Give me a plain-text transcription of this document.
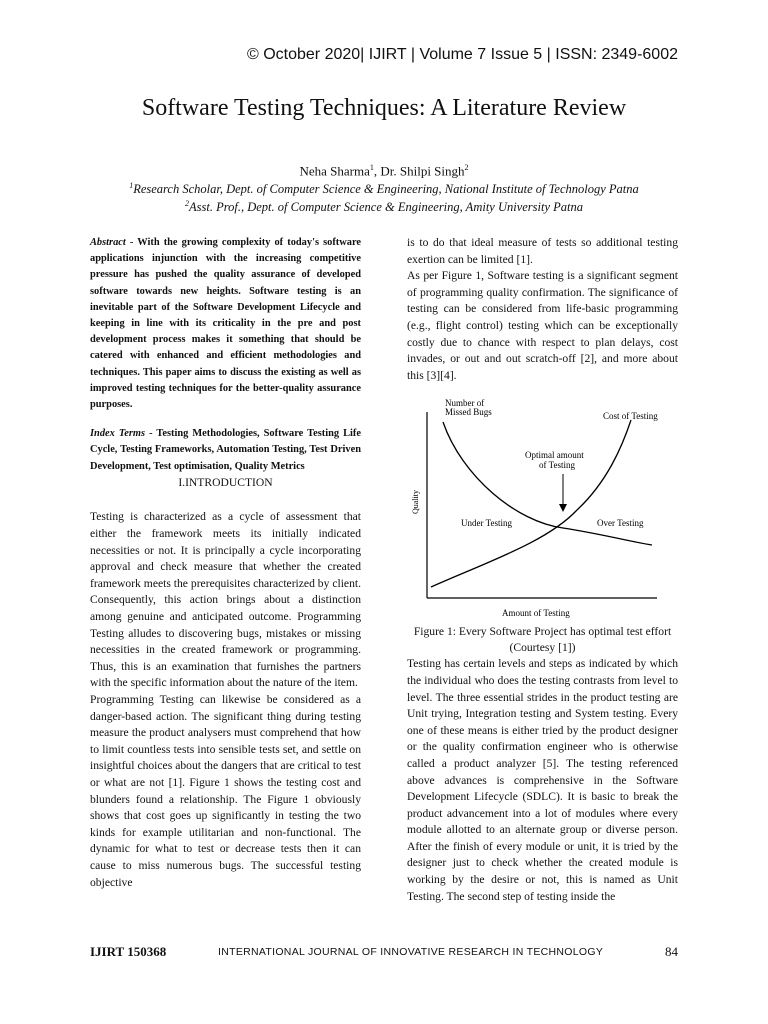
© October 2020| IJIRT | Volume 7 Issue 5 | ISSN: 2349-6002
Software Testing Techniques: A Literature Review
Neha Sharma$^1$, Dr. Shilpi Singh$^2$
$^1$Research Scholar, Dept. of Computer Science & Engineering, National Institute of Technology Patna
$^2$Asst. Prof., Dept. of Computer Science & Engineering, Amity University Patna

Abstract - With the growing complexity of today's software applications injunction with the increasing competitive pressure has pushed the quality assurance of developed software towards new heights. Software testing is an inevitable part of the Software Development Lifecycle and keeping in line with its criticality in the pre and post development process makes it something that should be catered with enhanced and efficient methodologies and techniques. This paper aims to discuss the existing as well as improved testing techniques for the better-quality assurance purposes.

Index Terms - Testing Methodologies, Software Testing Life Cycle, Testing Frameworks, Automation Testing, Test Driven Development, Test optimisation, Quality Metrics

I.INTRODUCTION

Testing is characterized as a cycle of assessment that either the framework meets its initially indicated necessities or not. It is principally a cycle incorporating approval and check measure that whether the created framework meets the prerequisites characterized by client. Consequently, this action brings about a distinction among genuine and anticipated outcome. Programming Testing alludes to discovering bugs, mistakes or missing necessities in the created framework or programming. Thus, this is an examination that furnishes the partners with the specific information about the nature of the item.

Programming Testing can likewise be considered as a danger-based action. The significant thing during testing measure the product analysers must comprehend that how to limit countless tests into sensible tests set, and settle on insightful choices about the dangers that are critical to test or what are not [1]. Figure 1 shows the testing cost and blunders found a relationship. The Figure 1 obviously shows that cost goes up significantly in testing the two kinds for example utilitarian and non-functional. The dynamic for what to test or decrease tests then it can cause to miss numerous bugs. The successful testing objective

is to do that ideal measure of tests so additional testing exertion can be limited [1].

As per Figure 1, Software testing is a significant segment of programming quality confirmation. The significance of testing can be considered from life-basic programming (e.g., flight control) testing which can be exceptionally costly due to chance with respect to plan delays, cost invades, or out and out scratch-off [2], and more about this [3][4].

Number of
Missed Bugs	Cost of Testing
Optimal amount
of Testing
Under Testing	Over Testing
Quality
Amount of Testing

Figure 1: Every Software Project has optimal test effort (Courtesy [1])

Testing has certain levels and steps as indicated by which the individual who does the testing contrasts from level to level. The three essential strides in the product testing are Unit trying, Integration testing and System testing. Every one of these means is either tried by the product designer or the quality confirmation engineer who is otherwise called a product analyzer [5]. The testing referenced above advances is comprehensive in the Software Development Lifecycle (SDLC). It is basic to break the product advancement into a lot of modules where every module allotted to an alternate group or diverse person. After the finish of every module or unit, it is tried by the designer just to check whether the created module is working by the desire or not, this is named as Unit Testing. The second step of testing inside the

IJIRT 150368	INTERNATIONAL JOURNAL OF INNOVATIVE RESEARCH IN TECHNOLOGY	84
